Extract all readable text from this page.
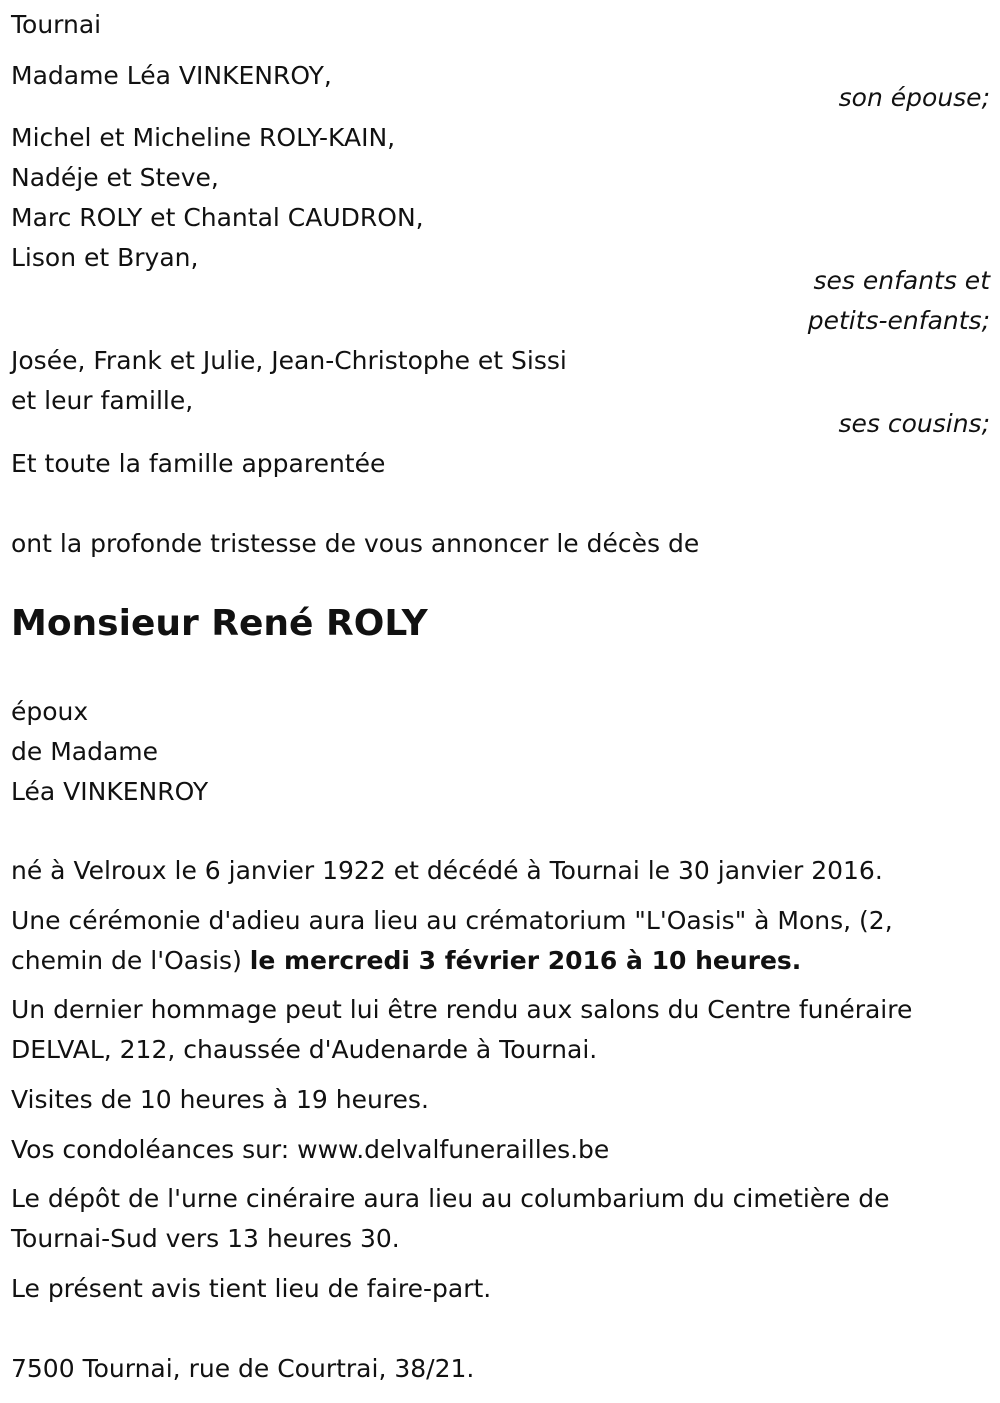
Tournai
Madame Léa VINKENROY,
son épouse;
Michel et Micheline ROLY-KAIN,
Nadéje et Steve,
Marc ROLY et Chantal CAUDRON,
Lison et Bryan,
ses enfants et
petits-enfants;
Josée, Frank et Julie, Jean-Christophe et Sissi
et leur famille,
ses cousins;
Et toute la famille apparentée
ont la profonde tristesse de vous annoncer le décès de
Monsieur René ROLY
époux
de Madame
Léa VINKENROY
né à Velroux le 6 janvier 1922 et décédé à Tournai le 30 janvier 2016.
Une cérémonie d'adieu aura lieu au crématorium "L'Oasis" à Mons, (2,
chemin de l'Oasis) le mercredi 3 février 2016 à 10 heures.
Un dernier hommage peut lui être rendu aux salons du Centre funéraire
DELVAL, 212, chaussée d'Audenarde à Tournai.
Visites de 10 heures à 19 heures.
Vos condoléances sur: www.delvalfunerailles.be
Le dépôt de l'urne cinéraire aura lieu au columbarium du cimetière de
Tournai-Sud vers 13 heures 30.
Le présent avis tient lieu de faire-part.
7500 Tournai, rue de Courtrai, 38/21.
